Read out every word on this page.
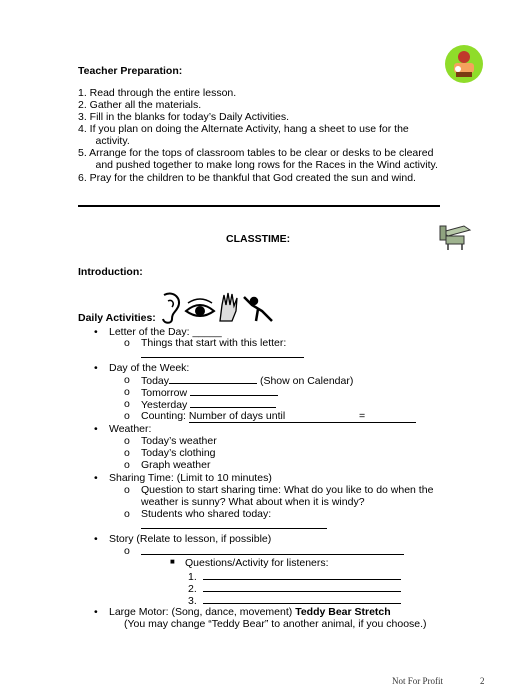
Teacher Preparation:
1. Read through the entire lesson.
2. Gather all the materials.
3. Fill in the blanks for today’s Daily Activities.
4. If you plan on doing the Alternate Activity, hang a sheet to use for the
activity.
5. Arrange for the tops of classroom tables to be clear or desks to be cleared
and pushed together to make long rows for the Races in the Wind activity.
6. Pray for the children to be thankful that God created the sun and wind.
CLASSTIME:
Introduction:
Daily Activities:
• Letter of the Day: _____
o Things that start with this letter:
• Day of the Week:
o Today	(Show on Calendar)
o Tomorrow
o Yesterday
o Counting: Number of days until	=
• Weather:
o Today’s weather
o Today’s clothing
o Graph weather
• Sharing Time: (Limit to 10 minutes)
o Question to start sharing time: What do you like to do when the
weather is sunny? What about when it is windy?
o Students who shared today:
• Story (Relate to lesson, if possible)
o
■ Questions/Activity for listeners:
1.
2.
3.
• Large Motor: (Song, dance, movement) Teddy Bear Stretch
(You may change “Teddy Bear” to another animal, if you choose.)
Not For Profit	2
